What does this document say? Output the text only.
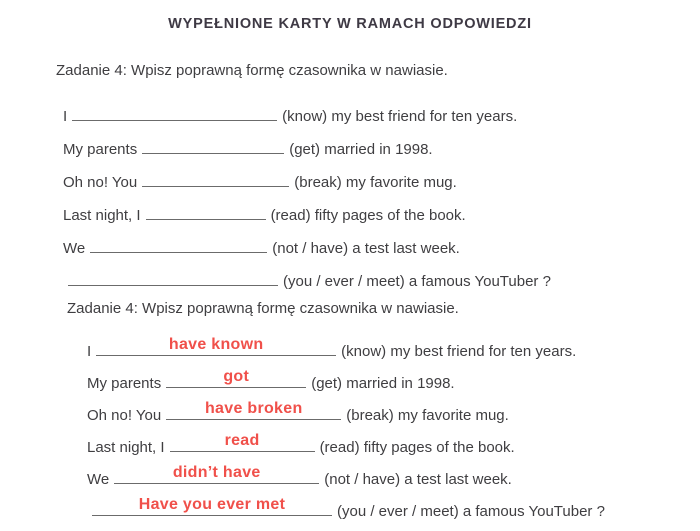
WYPEŁNIONE KARTY W RAMACH ODPOWIEDZI
Zadanie 4: Wpisz poprawną formę czasownika w nawiasie.
I	(know) my best friend for ten years.
My parents	(get) married in 1998.
Oh no! You	(break) my favorite mug.
Last night, I	(read) fifty pages of the book.
We	(not / have) a test last week.
(you / ever / meet) a famous YouTuber ?
Zadanie 4: Wpisz poprawną formę czasownika w nawiasie.
I	have known	(know) my best friend for ten years.
My parents	got	(get) married in 1998.
Oh no! You	have broken	(break) my favorite mug.
Last night, I	read	(read) fifty pages of the book.
We	didn’t have	(not / have) a test last week.
Have you ever met	(you / ever / meet) a famous YouTuber ?
